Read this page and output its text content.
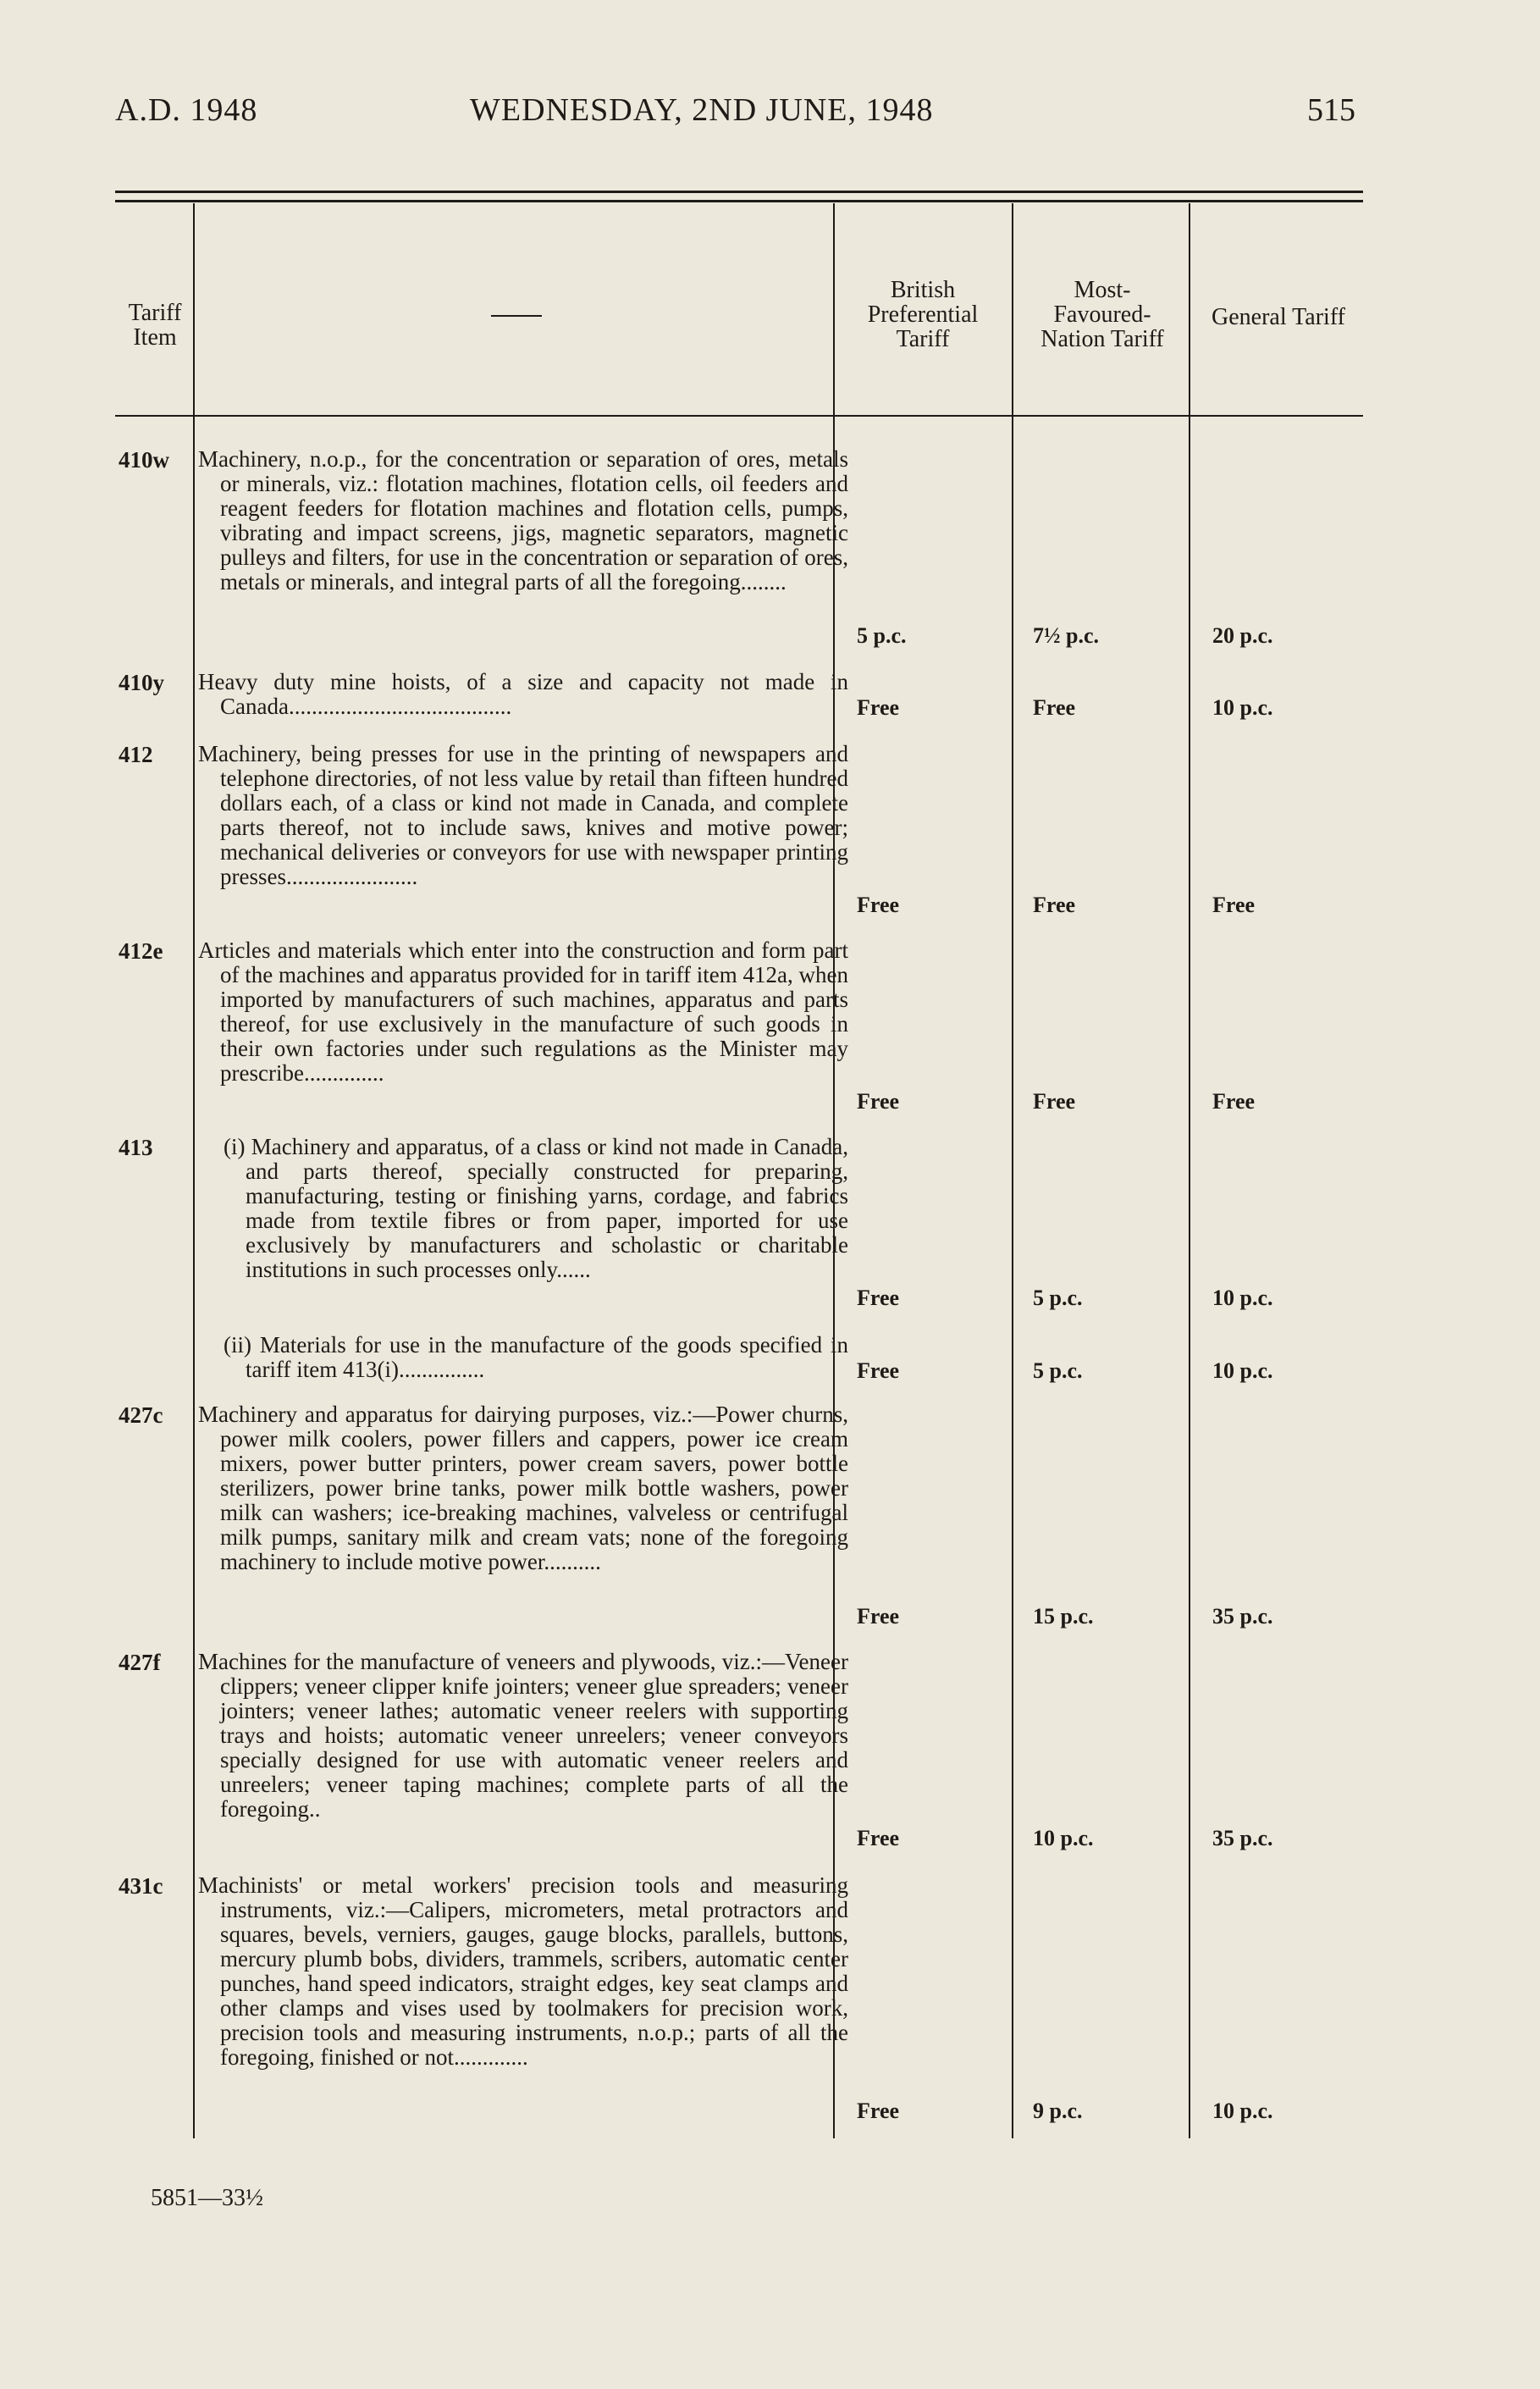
A.D. 1948	WEDNESDAY, 2ND JUNE, 1948	515
Tariff Item
British Preferential Tariff
Most-Favoured-Nation Tariff
General Tariff
410w	Machinery, n.o.p., for the concentration or separation of ores, metals or minerals, viz.: flotation machines, flotation cells, oil feeders and reagent feeders for flotation machines and flotation cells, pumps, vibrating and impact screens, jigs, magnetic separators, magnetic pulleys and filters, for use in the concentration or separation of ores, metals or minerals, and integral parts of all the foregoing........
5 p.c.	7½ p.c.	20 p.c.
410y	Heavy duty mine hoists, of a size and capacity not made in Canada.......................................	Free	Free	10 p.c.
412	Machinery, being presses for use in the printing of newspapers and telephone directories, of not less value by retail than fifteen hundred dollars each, of a class or kind not made in Canada, and complete parts thereof, not to include saws, knives and motive power; mechanical deliveries or conveyors for use with newspaper printing presses.......................
Free	Free	Free
412e	Articles and materials which enter into the construction and form part of the machines and apparatus provided for in tariff item 412a, when imported by manufacturers of such machines, apparatus and parts thereof, for use exclusively in the manufacture of such goods in their own factories under such regulations as the Minister may prescribe..............
Free	Free	Free
413	(i) Machinery and apparatus, of a class or kind not made in Canada, and parts thereof, specially constructed for preparing, manufacturing, testing or finishing yarns, cordage, and fabrics made from textile fibres or from paper, imported for use exclusively by manufacturers and scholastic or charitable institutions in such processes only......
Free	5 p.c.	10 p.c.
(ii) Materials for use in the manufacture of the goods specified in tariff item 413(i)...............	Free	5 p.c.	10 p.c.
427c	Machinery and apparatus for dairying purposes, viz.:—Power churns, power milk coolers, power fillers and cappers, power ice cream mixers, power butter printers, power cream savers, power bottle sterilizers, power brine tanks, power milk bottle washers, power milk can washers; ice-breaking machines, valveless or centrifugal milk pumps, sanitary milk and cream vats; none of the foregoing machinery to include motive power..........
Free	15 p.c.	35 p.c.
427f	Machines for the manufacture of veneers and plywoods, viz.:—Veneer clippers; veneer clipper knife jointers; veneer glue spreaders; veneer jointers; veneer lathes; automatic veneer reelers with supporting trays and hoists; automatic veneer unreelers; veneer conveyors specially designed for use with automatic veneer reelers and unreelers; veneer taping machines; complete parts of all the foregoing..
Free	10 p.c.	35 p.c.
431c	Machinists' or metal workers' precision tools and measuring instruments, viz.:—Calipers, micrometers, metal protractors and squares, bevels, verniers, gauges, gauge blocks, parallels, buttons, mercury plumb bobs, dividers, trammels, scribers, automatic center punches, hand speed indicators, straight edges, key seat clamps and other clamps and vises used by toolmakers for precision work, precision tools and measuring instruments, n.o.p.; parts of all the foregoing, finished or not.............
Free	9 p.c.	10 p.c.
5851—33½
